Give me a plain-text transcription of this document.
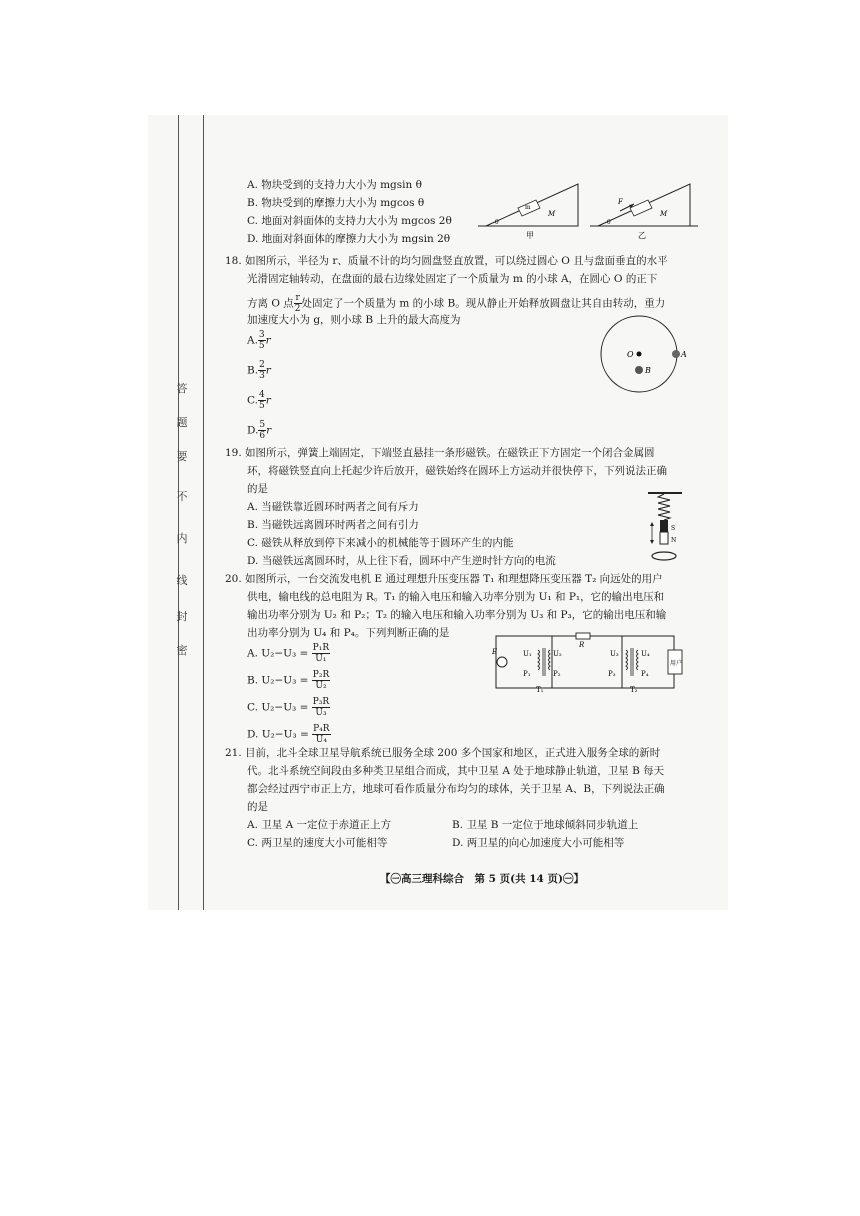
答
题
要
不
内
线
封
密
A. 物块受到的支持力大小为 mgsin θ
B. 物块受到的摩擦力大小为 mgcos θ
C. 地面对斜面体的支持力大小为 mgcos 2θ
D. 地面对斜面体的摩擦力大小为 mgsin 2θ
m
M
θ
甲
F
M
θ
乙
18. 如图所示，半径为 r、质量不计的均匀圆盘竖直放置，可以绕过圆心 O 且与盘面垂直的水平
光滑固定轴转动，在盘面的最右边缘处固定了一个质量为 m 的小球 A，在圆心 O 的正下
方离 O 点 $\frac{r}{2}$ 处固定了一个质量为 m 的小球 B。现从静止开始释放圆盘让其自由转动，重力
加速度大小为 g，则小球 B 上升的最大高度为
A. $\frac{3}{5}$ r
B. $\frac{2}{3}$ r
C. $\frac{4}{5}$ r
D. $\frac{5}{6}$ r
O	A
B
19. 如图所示，弹簧上端固定，下端竖直悬挂一条形磁铁。在磁铁正下方固定一个闭合金属圆
环，将磁铁竖直向上托起少许后放开，磁铁始终在圆环上方运动并很快停下，下列说法正确
的是
A. 当磁铁靠近圆环时两者之间有斥力
B. 当磁铁远离圆环时两者之间有引力
C. 磁铁从释放到停下来减小的机械能等于圆环产生的内能
D. 当磁铁远离圆环时，从上往下看，圆环中产生逆时针方向的电流
S
N
20. 如图所示，一台交流发电机 E 通过理想升压变压器 T₁ 和理想降压变压器 T₂ 向远处的用户
供电，输电线的总电阻为 R。T₁ 的输入电压和输入功率分别为 U₁ 和 P₁，它的输出电压和
输出功率分别为 U₂ 和 P₂；T₂ 的输入电压和输入功率分别为 U₃ 和 P₃，它的输出电压和输
出功率分别为 U₄ 和 P₄。下列判断正确的是
A. $U_2-U_3 = \frac{\text{P₁R}}{\text{U₁}}$
B. $U_2-U_3 = \frac{\text{P₂R}}{\text{U₂}}$
C. $U_2-U_3 = \frac{\text{P₃R}}{\text{U₃}}$
D. $U_2-U_3 = \frac{\text{P₄R}}{\text{U₄}}$
E	U₁
P₁
U₂
P₂
T₁
R
U₃
P₃
U₄
P₄
T₂
用户
21. 目前，北斗全球卫星导航系统已服务全球 200 多个国家和地区，正式进入服务全球的新时
代。北斗系统空间段由多种类卫星组合而成，其中卫星 A 处于地球静止轨道，卫星 B 每天
都会经过西宁市正上方，地球可看作质量分布均匀的球体，关于卫星 A、B，下列说法正确
的是
A. 卫星 A 一定位于赤道正上方	B. 卫星 B 一定位于地球倾斜同步轨道上
C. 两卫星的速度大小可能相等	D. 两卫星的向心加速度大小可能相等
【㊀高三理科综合　第 5 页(共 14 页)㊀】
